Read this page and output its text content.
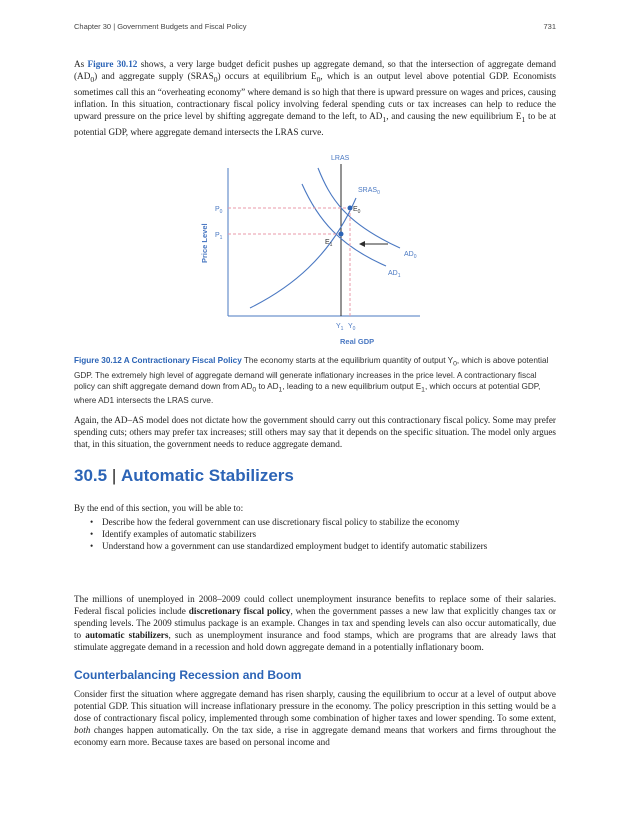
Chapter 30 | Government Budgets and Fiscal Policy	731
As Figure 30.12 shows, a very large budget deficit pushes up aggregate demand, so that the intersection of aggregate demand $(AD_0)$ and aggregate supply $(SRAS_0)$ occurs at equilibrium $E_0$, which is an output level above potential GDP. Economists sometimes call this an “overheating economy” where demand is so high that there is upward pressure on wages and prices, causing inflation. In this situation, contractionary fiscal policy involving federal spending cuts or tax increases can help to reduce the upward pressure on the price level by shifting aggregate demand to the left, to $AD_1$, and causing the new equilibrium $E_1$ to be at potential GDP, where aggregate demand intersects the LRAS curve.
LRAS
$SRAS_0$
$P_0$
$P_1$
$E_0$
$E_1$
$AD_0$
$AD_1$
$Y_1$ $Y_0$
Real GDP
Price Level
Figure 30.12 A Contractionary Fiscal Policy The economy starts at the equilibrium quantity of output $Y_0$, which is above potential GDP. The extremely high level of aggregate demand will generate inflationary increases in the price level. A contractionary fiscal policy can shift aggregate demand down from $AD_0$ to $AD_1$, leading to a new equilibrium output $E_1$, which occurs at potential GDP, where AD1 intersects the LRAS curve.
Again, the AD–AS model does not dictate how the government should carry out this contractionary fiscal policy. Some may prefer spending cuts; others may prefer tax increases; still others may say that it depends on the specific situation. The model only argues that, in this situation, the government needs to reduce aggregate demand.
30.5 | Automatic Stabilizers
By the end of this section, you will be able to:
• Describe how the federal government can use discretionary fiscal policy to stabilize the economy
• Identify examples of automatic stabilizers
• Understand how a government can use standardized employment budget to identify automatic stabilizers
The millions of unemployed in 2008–2009 could collect unemployment insurance benefits to replace some of their salaries. Federal fiscal policies include discretionary fiscal policy, when the government passes a new law that explicitly changes tax or spending levels. The 2009 stimulus package is an example. Changes in tax and spending levels can also occur automatically, due to automatic stabilizers, such as unemployment insurance and food stamps, which are programs that are already laws that stimulate aggregate demand in a recession and hold down aggregate demand in a potentially inflationary boom.
Counterbalancing Recession and Boom
Consider first the situation where aggregate demand has risen sharply, causing the equilibrium to occur at a level of output above potential GDP. This situation will increase inflationary pressure in the economy. The policy prescription in this setting would be a dose of contractionary fiscal policy, implemented through some combination of higher taxes and lower spending. To some extent, both changes happen automatically. On the tax side, a rise in aggregate demand means that workers and firms throughout the economy earn more. Because taxes are based on personal income and
